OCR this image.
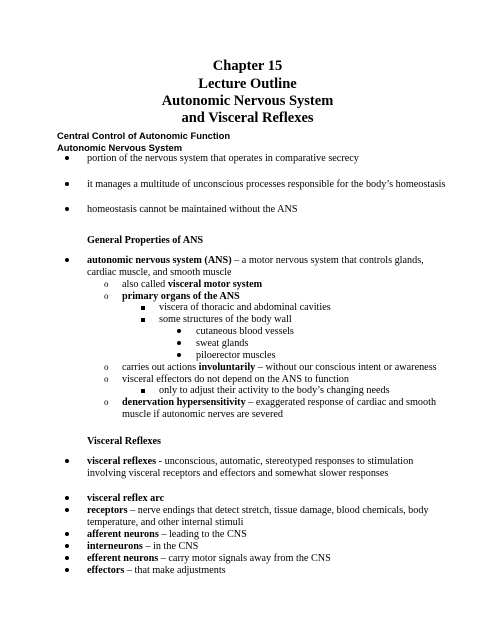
Chapter 15
Lecture Outline
Autonomic Nervous System
and Visceral Reflexes
Central Control of Autonomic Function
Autonomic Nervous System
portion of the nervous system that operates in comparative secrecy
it manages a multitude of unconscious processes responsible for the body’s homeostasis
homeostasis cannot be maintained without the ANS
General Properties of ANS
autonomic nervous system (ANS) – a motor nervous system that controls glands,
cardiac muscle, and smooth muscle
o also called visceral motor system
o primary organs of the ANS
viscera of thoracic and abdominal cavities
some structures of the body wall
cutaneous blood vessels
sweat glands
piloerector muscles
o carries out actions involuntarily – without our conscious intent or awareness
o visceral effectors do not depend on the ANS to function
only to adjust their activity to the body’s changing needs
o denervation hypersensitivity – exaggerated response of cardiac and smooth
muscle if autonomic nerves are severed
Visceral Reflexes
visceral reflexes - unconscious, automatic, stereotyped responses to stimulation
involving visceral receptors and effectors and somewhat slower responses
visceral reflex arc
receptors – nerve endings that detect stretch, tissue damage, blood chemicals, body
temperature, and other internal stimuli
afferent neurons – leading to the CNS
interneurons – in the CNS
efferent neurons – carry motor signals away from the CNS
effectors – that make adjustments
